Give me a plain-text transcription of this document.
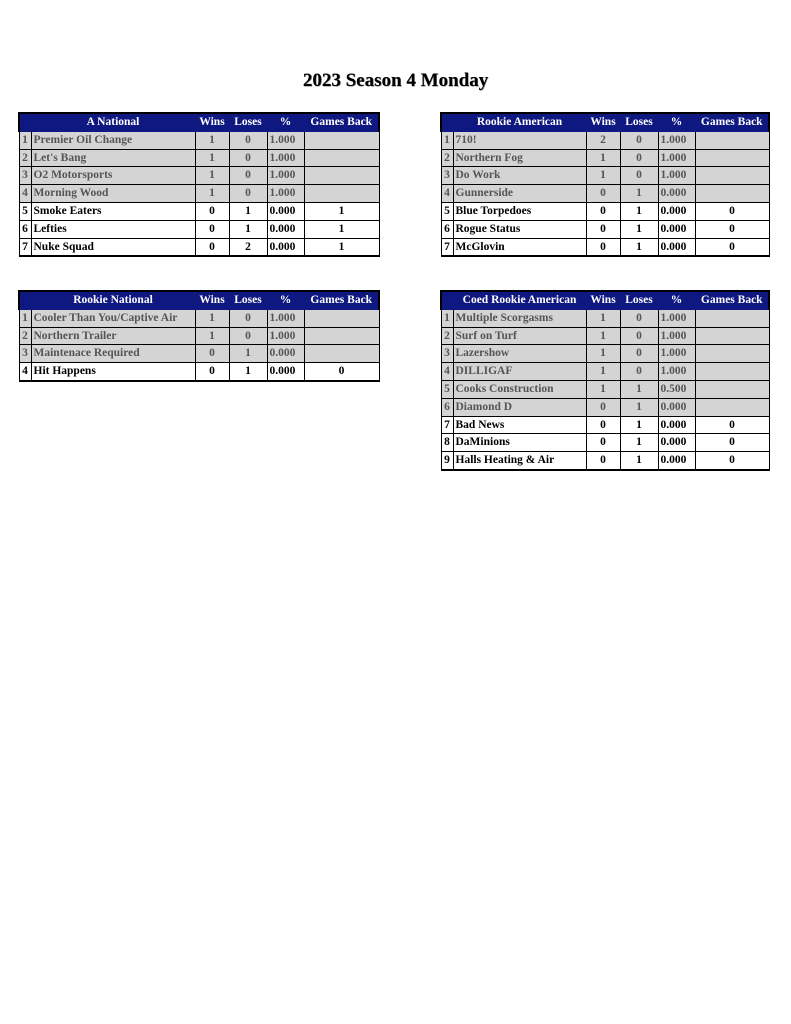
2023 Season 4 Monday
	A National	Wins	Loses	%	Games Back
1	Premier Oil Change	1	0	1.000	
2	Let's Bang	1	0	1.000	
3	O2 Motorsports	1	0	1.000	
4	Morning Wood	1	0	1.000	
5	Smoke Eaters	0	1	0.000	1
6	Lefties	0	1	0.000	1
7	Nuke Squad	0	2	0.000	1
	Rookie American	Wins	Loses	%	Games Back
1	710!	2	0	1.000	
2	Northern Fog	1	0	1.000	
3	Do Work	1	0	1.000	
4	Gunnerside	0	1	0.000	
5	Blue Torpedoes	0	1	0.000	0
6	Rogue Status	0	1	0.000	0
7	McGlovin	0	1	0.000	0
	Rookie National	Wins	Loses	%	Games Back
1	Cooler Than You/Captive Air	1	0	1.000	
2	Northern Trailer	1	0	1.000	
3	Maintenace Required	0	1	0.000	
4	Hit Happens	0	1	0.000	0
	Coed Rookie American	Wins	Loses	%	Games Back
1	Multiple Scorgasms	1	0	1.000	
2	Surf on Turf	1	0	1.000	
3	Lazershow	1	0	1.000	
4	DILLIGAF	1	0	1.000	
5	Cooks Construction	1	1	0.500	
6	Diamond D	0	1	0.000	
7	Bad News	0	1	0.000	0
8	DaMinions	0	1	0.000	0
9	Halls Heating & Air	0	1	0.000	0
